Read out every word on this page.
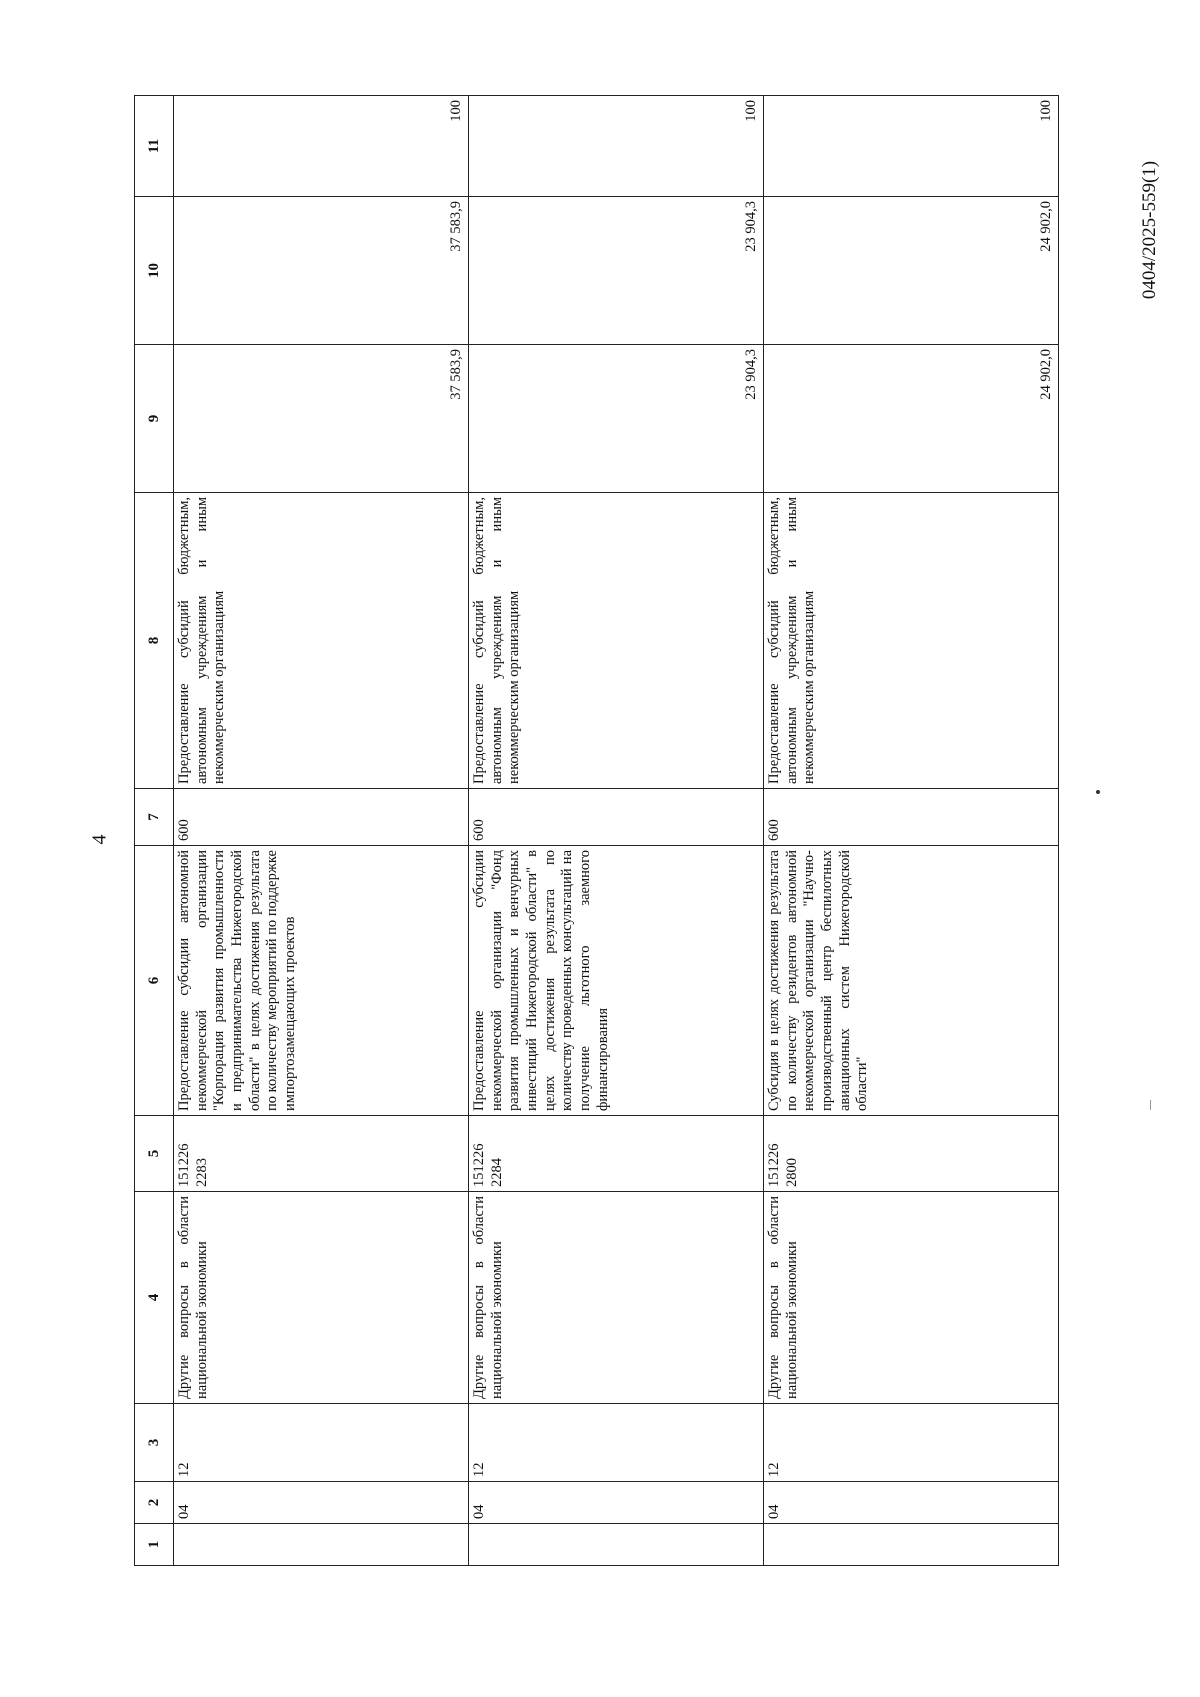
4
0404/2025-559(1)
1	2	3	4	5	6	7	8	9	10	11
	04	12	Другие вопросы в области национальной экономики	151226 2283	Предоставление субсидии автономной некоммерческой организации "Корпорация развития промышленности и предпринимательства Нижегородской области" в целях достижения результата по количеству мероприятий по поддержке импортозамещающих проектов	600	Предоставление субсидий бюджетным, автономным учреждениям и иным некоммерческим организациям	37 583,9	37 583,9	100
	04	12	Другие вопросы в области национальной экономики	151226 2284	Предоставление субсидии некоммерческой организации "Фонд развития промышленных и венчурных инвестиций Нижегородской области" в целях достижения результата по количеству проведенных консультаций на получение льготного заемного финансирования	600	Предоставление субсидий бюджетным, автономным учреждениям и иным некоммерческим организациям	23 904,3	23 904,3	100
	04	12	Другие вопросы в области национальной экономики	151226 2800	Субсидия в целях достижения результата по количеству резидентов автономной некоммерческой организации "Научно-производственный центр беспилотных авиационных систем Нижегородской области"	600	Предоставление субсидий бюджетным, автономным учреждениям и иным некоммерческим организациям	24 902,0	24 902,0	100
